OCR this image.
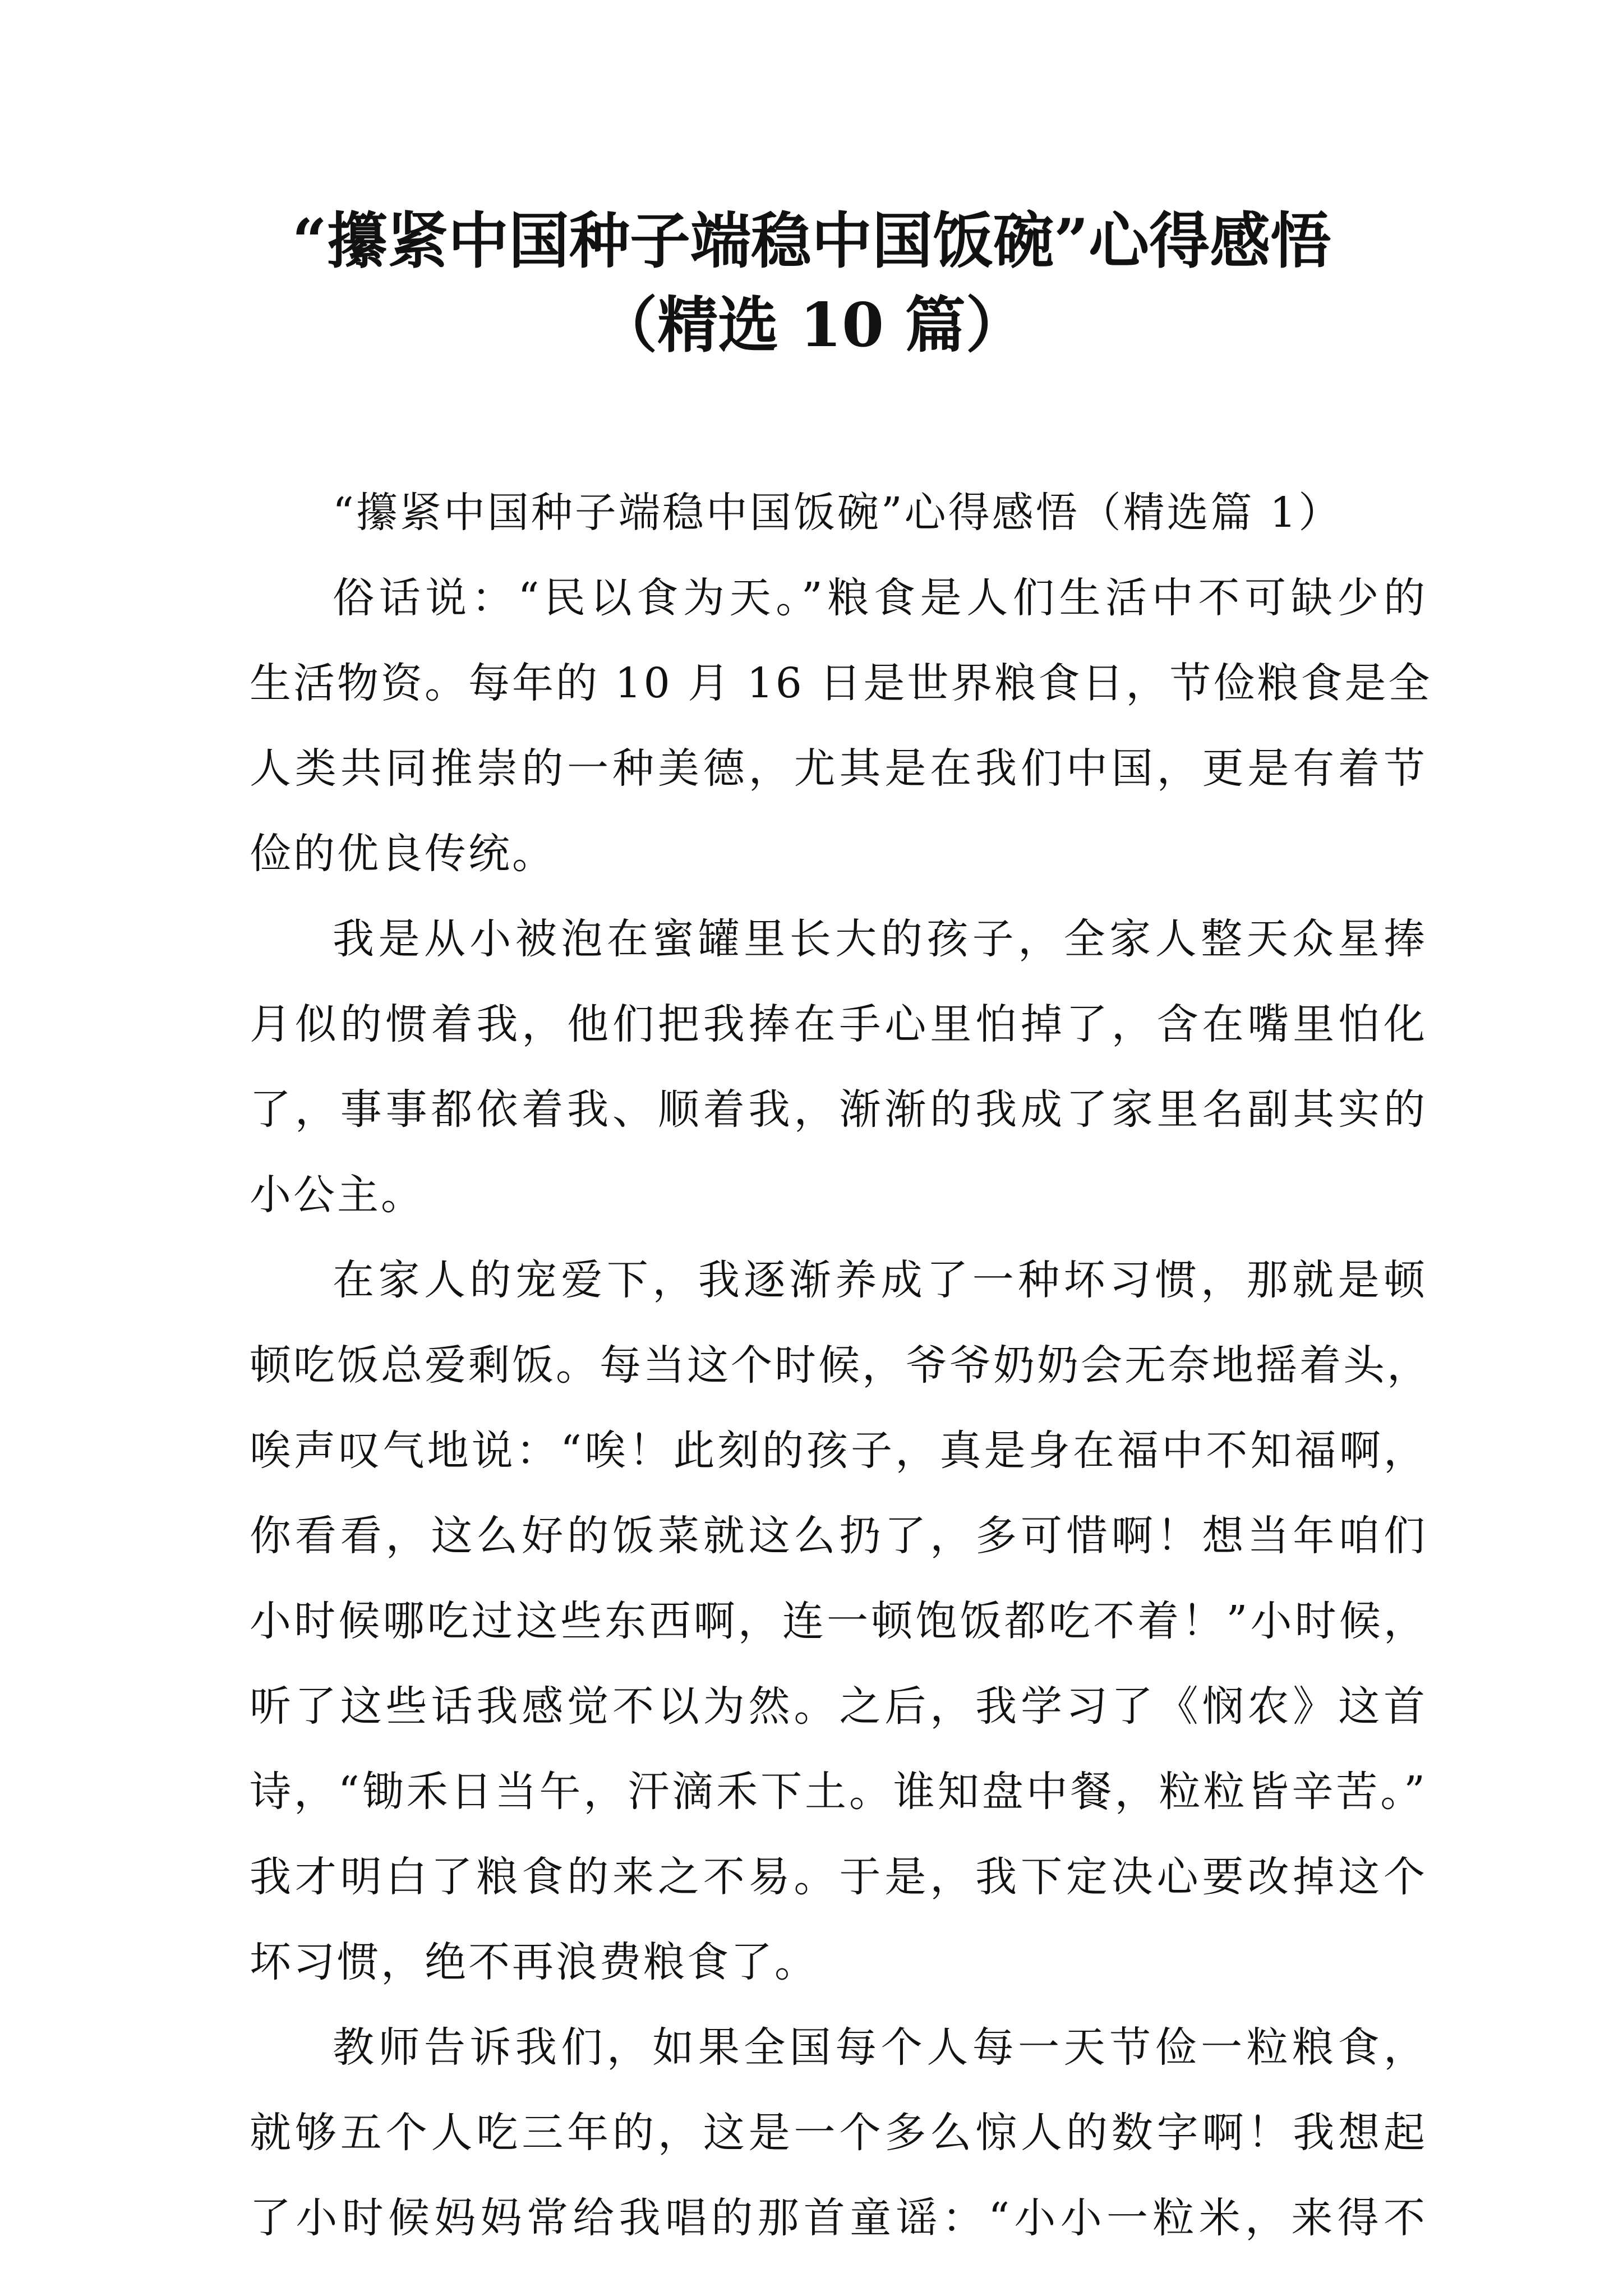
“攥紧中国种子端稳中国饭碗”心得感悟
（精选 10 篇）
“攥紧中国种子端稳中国饭碗”心得感悟（精选篇 1）
俗话说：“民以食为天。”粮食是人们生活中不可缺少的
生活物资。每年的 10 月 16 日是世界粮食日，节俭粮食是全
人类共同推崇的一种美德，尤其是在我们中国，更是有着节
俭的优良传统。
我是从小被泡在蜜罐里长大的孩子，全家人整天众星捧
月似的惯着我，他们把我捧在手心里怕掉了，含在嘴里怕化
了，事事都依着我、顺着我，渐渐的我成了家里名副其实的
小公主。
在家人的宠爱下，我逐渐养成了一种坏习惯，那就是顿
顿吃饭总爱剩饭。每当这个时候，爷爷奶奶会无奈地摇着头，
唉声叹气地说：“唉！此刻的孩子，真是身在福中不知福啊，
你看看，这么好的饭菜就这么扔了，多可惜啊！想当年咱们
小时候哪吃过这些东西啊，连一顿饱饭都吃不着！”小时候，
听了这些话我感觉不以为然。之后，我学习了《悯农》这首
诗，“锄禾日当午，汗滴禾下土。谁知盘中餐，粒粒皆辛苦。”
我才明白了粮食的来之不易。于是，我下定决心要改掉这个
坏习惯，绝不再浪费粮食了。
教师告诉我们，如果全国每个人每一天节俭一粒粮食，
就够五个人吃三年的，这是一个多么惊人的数字啊！我想起
了小时候妈妈常给我唱的那首童谣：“小小一粒米，来得不
